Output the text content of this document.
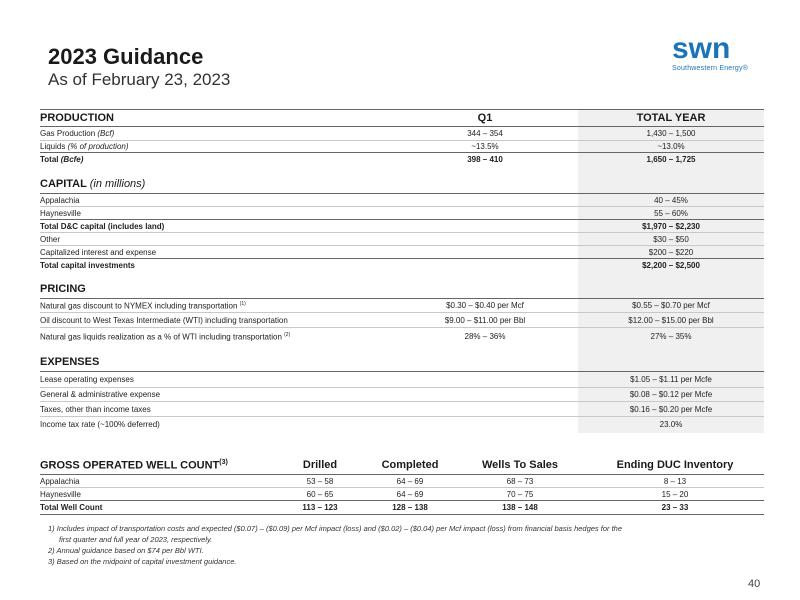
2023 Guidance
As of February 23, 2023
swn
Southwestern Energy®
PRODUCTION	Q1	TOTAL YEAR
Gas Production (Bcf)	344 – 354	1,430 – 1,500
Liquids (% of production)	~13.5%	~13.0%
Total (Bcfe)	398 – 410	1,650 – 1,725
CAPITAL (in millions)
Appalachia	40 – 45%
Haynesville	55 – 60%
Total D&C capital (includes land)	$1,970 – $2,230
Other	$30 – $50
Capitalized interest and expense	$200 – $220
Total capital investments	$2,200 – $2,500
PRICING
Natural gas discount to NYMEX including transportation $^{(1)}$	$0.30 – $0.40 per Mcf	$0.55 – $0.70 per Mcf
Oil discount to West Texas Intermediate (WTI) including transportation	$9.00 – $11.00 per Bbl	$12.00 – $15.00 per Bbl
Natural gas liquids realization as a % of WTI including transportation $^{(2)}$	28% – 36%	27% – 35%
EXPENSES
Lease operating expenses	$1.05 – $1.11 per Mcfe
General & administrative expense	$0.08 – $0.12 per Mcfe
Taxes, other than income taxes	$0.16 – $0.20 per Mcfe
Income tax rate (~100% deferred)	23.0%
GROSS OPERATED WELL COUNT$^{(3)}$	Drilled	Completed	Wells To Sales	Ending DUC Inventory
Appalachia	53 – 58	64 – 69	68 – 73	8 – 13
Haynesville	60 – 65	64 – 69	70 – 75	15 – 20
Total Well Count	113 – 123	128 – 138	138 – 148	23 – 33
1) Includes impact of transportation costs and expected ($0.07) – ($0.09) per Mcf impact (loss) and ($0.02) – ($0.04) per Mcf impact (loss) from financial basis hedges for the
first quarter and full year of 2023, respectively.
2) Annual guidance based on $74 per Bbl WTI.
3) Based on the midpoint of capital investment guidance.
40
